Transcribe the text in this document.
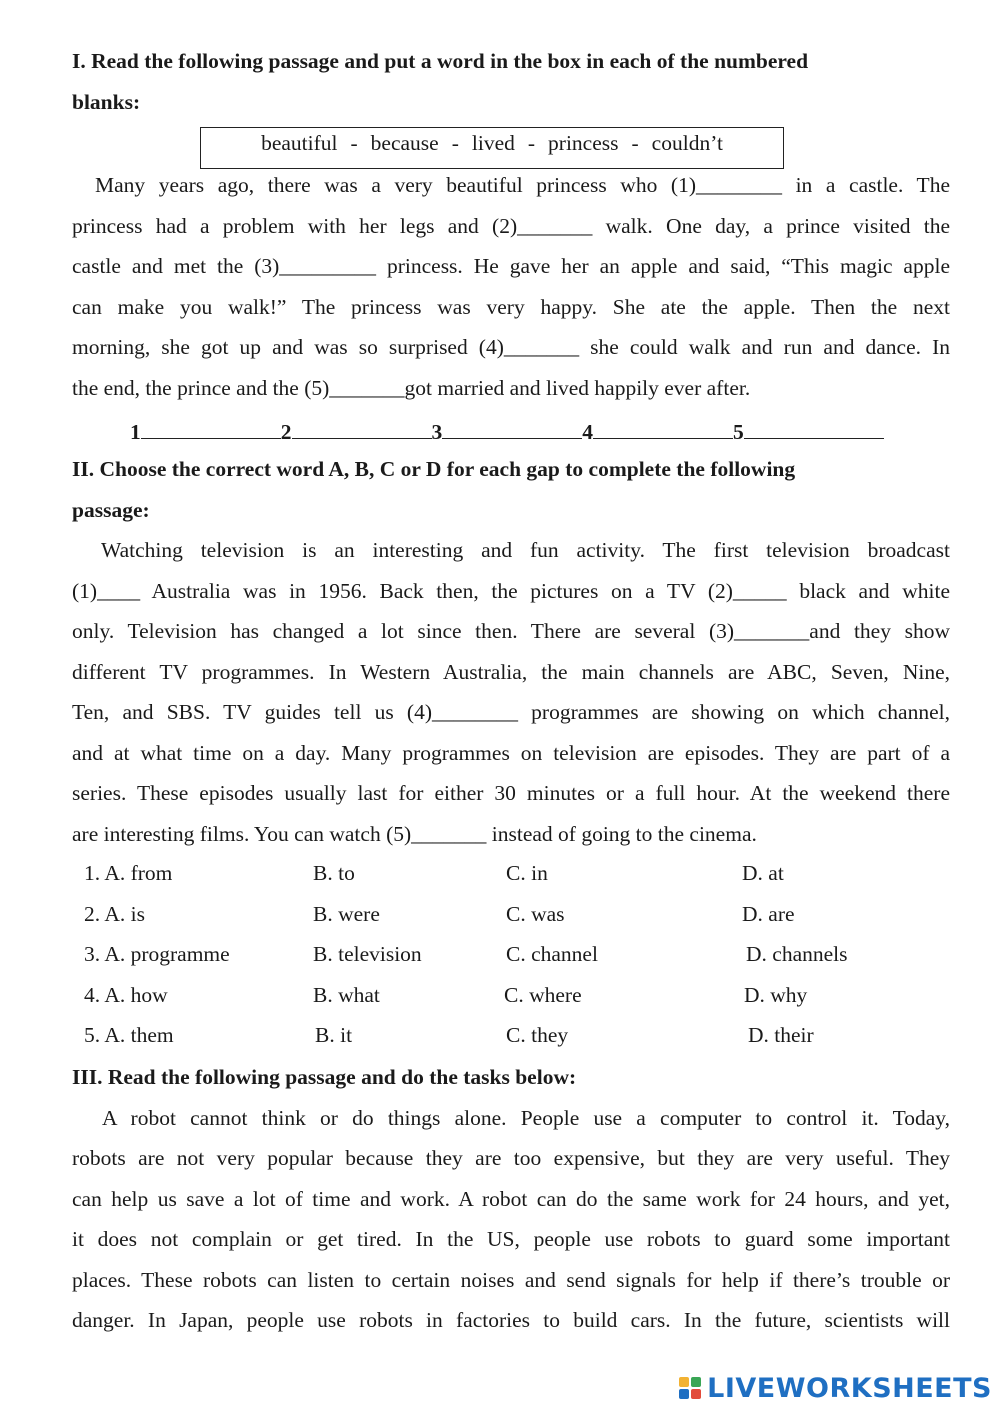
I. Read the following passage and put a word in the box in each of the numbered
blanks:
beautiful - because - lived - princess - couldn’t
Many years ago, there was a very beautiful princess who (1)________ in a castle. The
princess had a problem with her legs and (2)_______ walk. One day, a prince visited the
castle and met the (3)_________ princess. He gave her an apple and said, “This magic apple
can make you walk!” The princess was very happy. She ate the apple. Then the next
morning, she got up and was so surprised (4)_______ she could walk and run and dance. In
the end, the prince and the (5)_______got married and lived happily ever after.
1	2	3	4	5
II. Choose the correct word A, B, C or D for each gap to complete the following
passage:
Watching television is an interesting and fun activity. The first television broadcast
(1)____ Australia was in 1956. Back then, the pictures on a TV (2)_____ black and white
only. Television has changed a lot since then. There are several (3)_______and they show
different TV programmes. In Western Australia, the main channels are ABC, Seven, Nine,
Ten, and SBS. TV guides tell us (4)________ programmes are showing on which channel,
and at what time on a day. Many programmes on television are episodes. They are part of a
series. These episodes usually last for either 30 minutes or a full hour. At the weekend there
are interesting films. You can watch (5)_______ instead of going to the cinema.
1. A. from	B. to	C. in	D. at
2. A. is	B. were	C. was	D. are
3. A. programme	B. television	C. channel	D. channels
4. A. how	B. what	C. where	D. why
5. A. them	B. it	C. they	D. their
III. Read the following passage and do the tasks below:
A robot cannot think or do things alone. People use a computer to control it. Today,
robots are not very popular because they are too expensive, but they are very useful. They
can help us save a lot of time and work. A robot can do the same work for 24 hours, and yet,
it does not complain or get tired. In the US, people use robots to guard some important
places. These robots can listen to certain noises and send signals for help if there’s trouble or
danger. In Japan, people use robots in factories to build cars. In the future, scientists will
LIVEWORKSHEETS
